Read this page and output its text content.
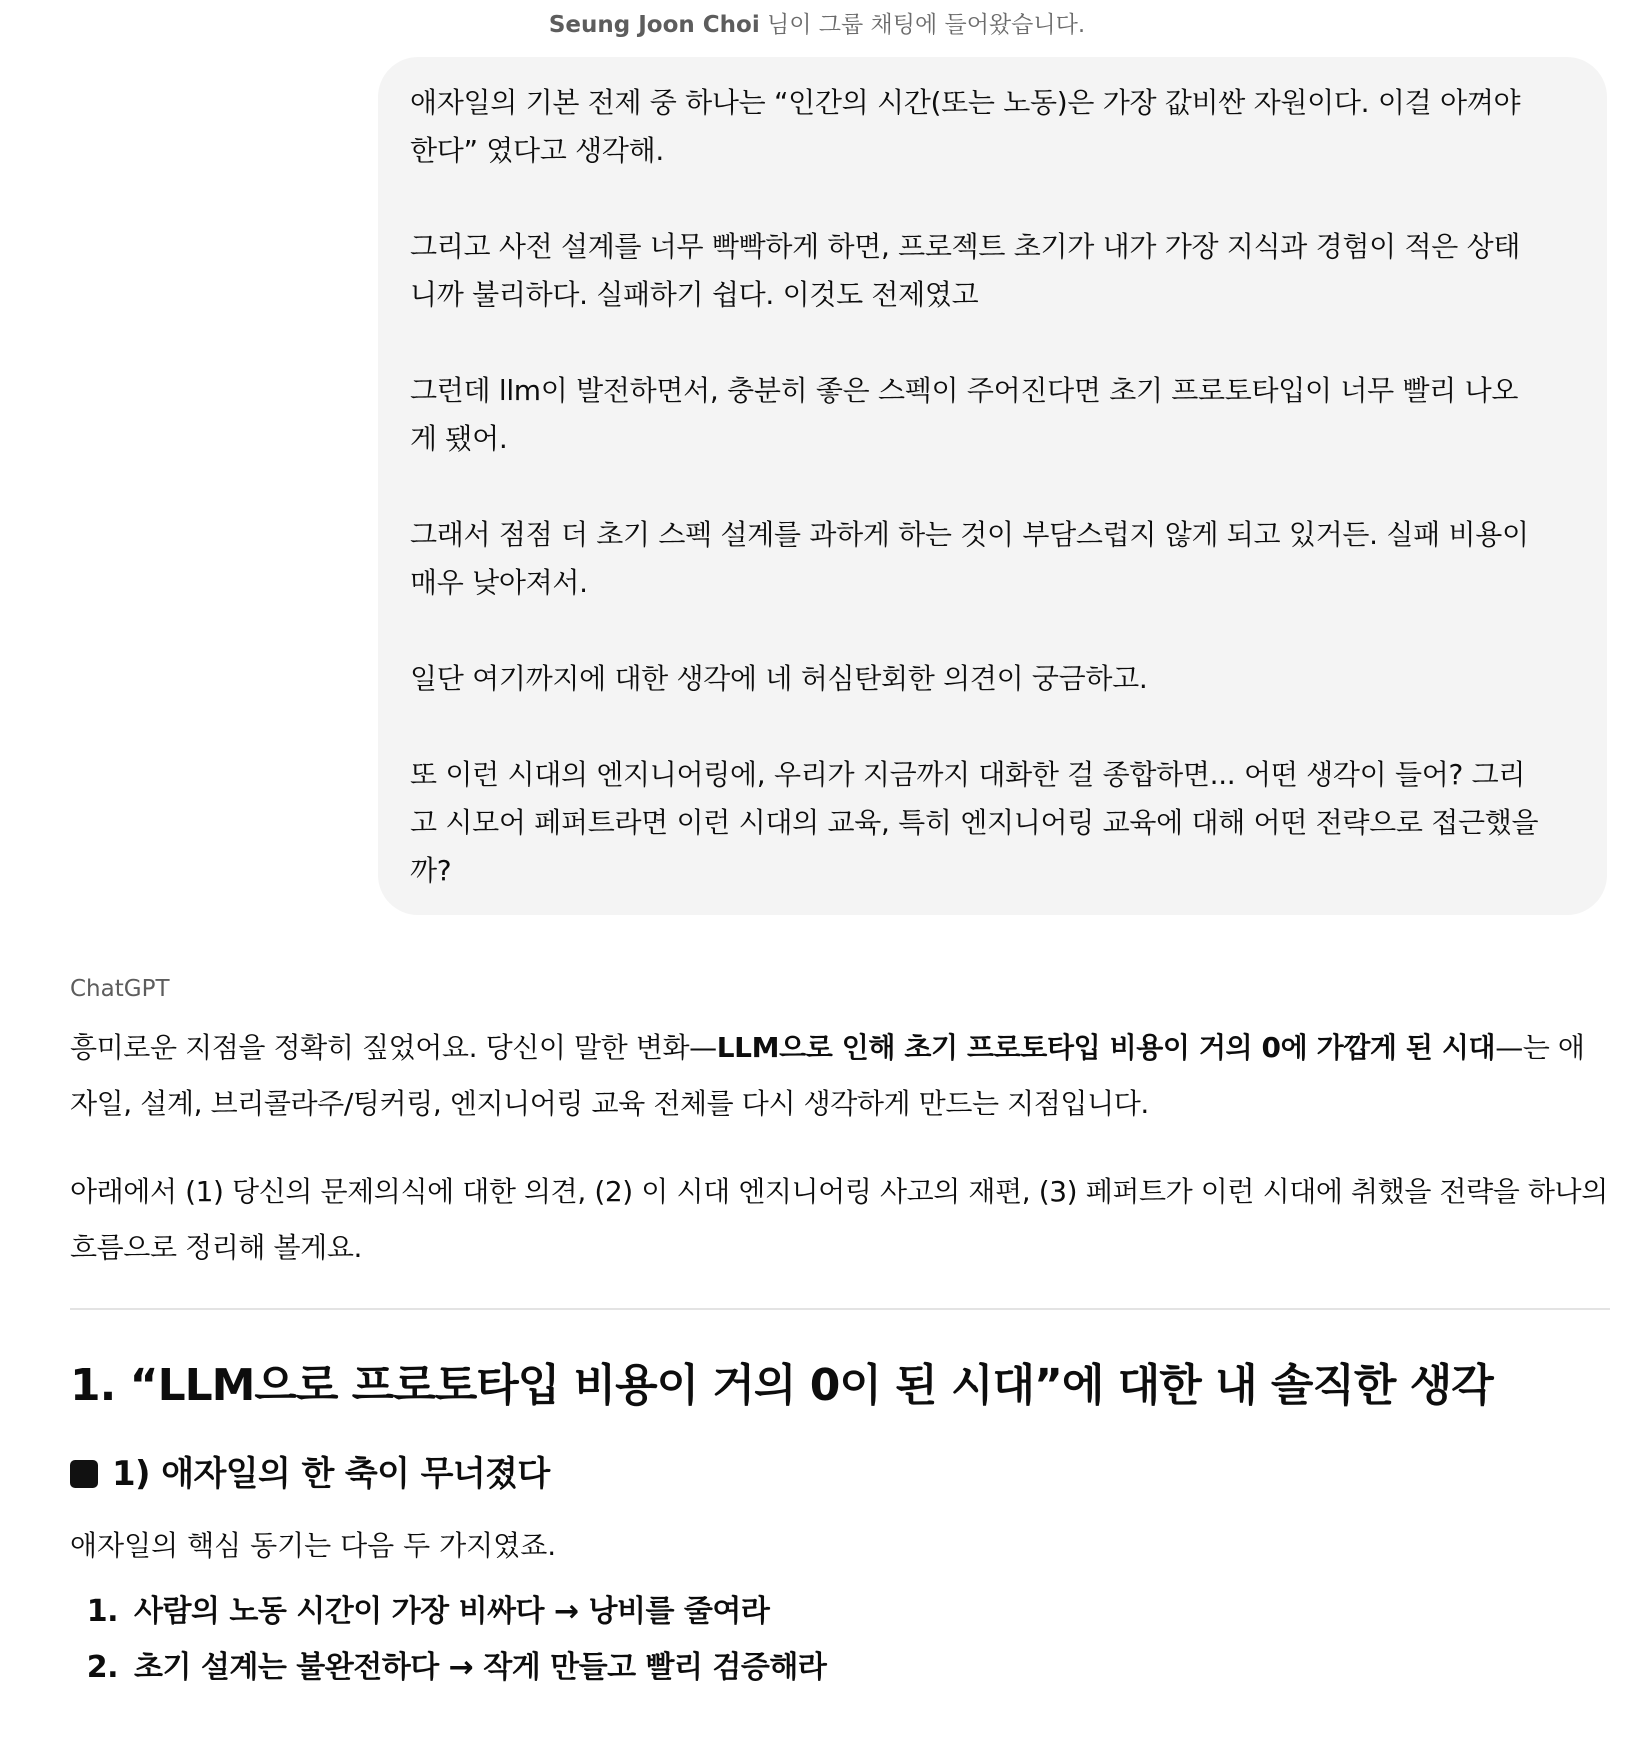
Seung Joon Choi 님이 그룹 채팅에 들어왔습니다.

애자일의 기본 전제 중 하나는 “인간의 시간(또는 노동)은 가장 값비싼 자원이다. 이걸 아껴야
한다” 였다고 생각해.

그리고 사전 설계를 너무 빡빡하게 하면, 프로젝트 초기가 내가 가장 지식과 경험이 적은 상태
니까 불리하다. 실패하기 쉽다. 이것도 전제였고

그런데 llm이 발전하면서, 충분히 좋은 스펙이 주어진다면 초기 프로토타입이 너무 빨리 나오
게 됐어.

그래서 점점 더 초기 스펙 설계를 과하게 하는 것이 부담스럽지 않게 되고 있거든. 실패 비용이
매우 낮아져서.

일단 여기까지에 대한 생각에 네 허심탄회한 의견이 궁금하고.

또 이런 시대의 엔지니어링에, 우리가 지금까지 대화한 걸 종합하면... 어떤 생각이 들어? 그리
고 시모어 페퍼트라면 이런 시대의 교육, 특히 엔지니어링 교육에 대해 어떤 전략으로 접근했을
까?

ChatGPT

흥미로운 지점을 정확히 짚었어요. 당신이 말한 변화—LLM으로 인해 초기 프로토타입 비용이 거의 0에 가깝게 된 시대—는 애자일, 설계, 브리콜라주/팅커링, 엔지니어링 교육 전체를 다시 생각하게 만드는 지점입니다.

아래에서 (1) 당신의 문제의식에 대한 의견, (2) 이 시대 엔지니어링 사고의 재편, (3) 페퍼트가 이런 시대에 취했을 전략을 하나의 흐름으로 정리해 볼게요.

1. “LLM으로 프로토타입 비용이 거의 0이 된 시대”에 대한 내 솔직한 생각
1) 애자일의 한 축이 무너졌다
애자일의 핵심 동기는 다음 두 가지였죠.
1. 사람의 노동 시간이 가장 비싸다 → 낭비를 줄여라
2. 초기 설계는 불완전하다 → 작게 만들고 빨리 검증해라
